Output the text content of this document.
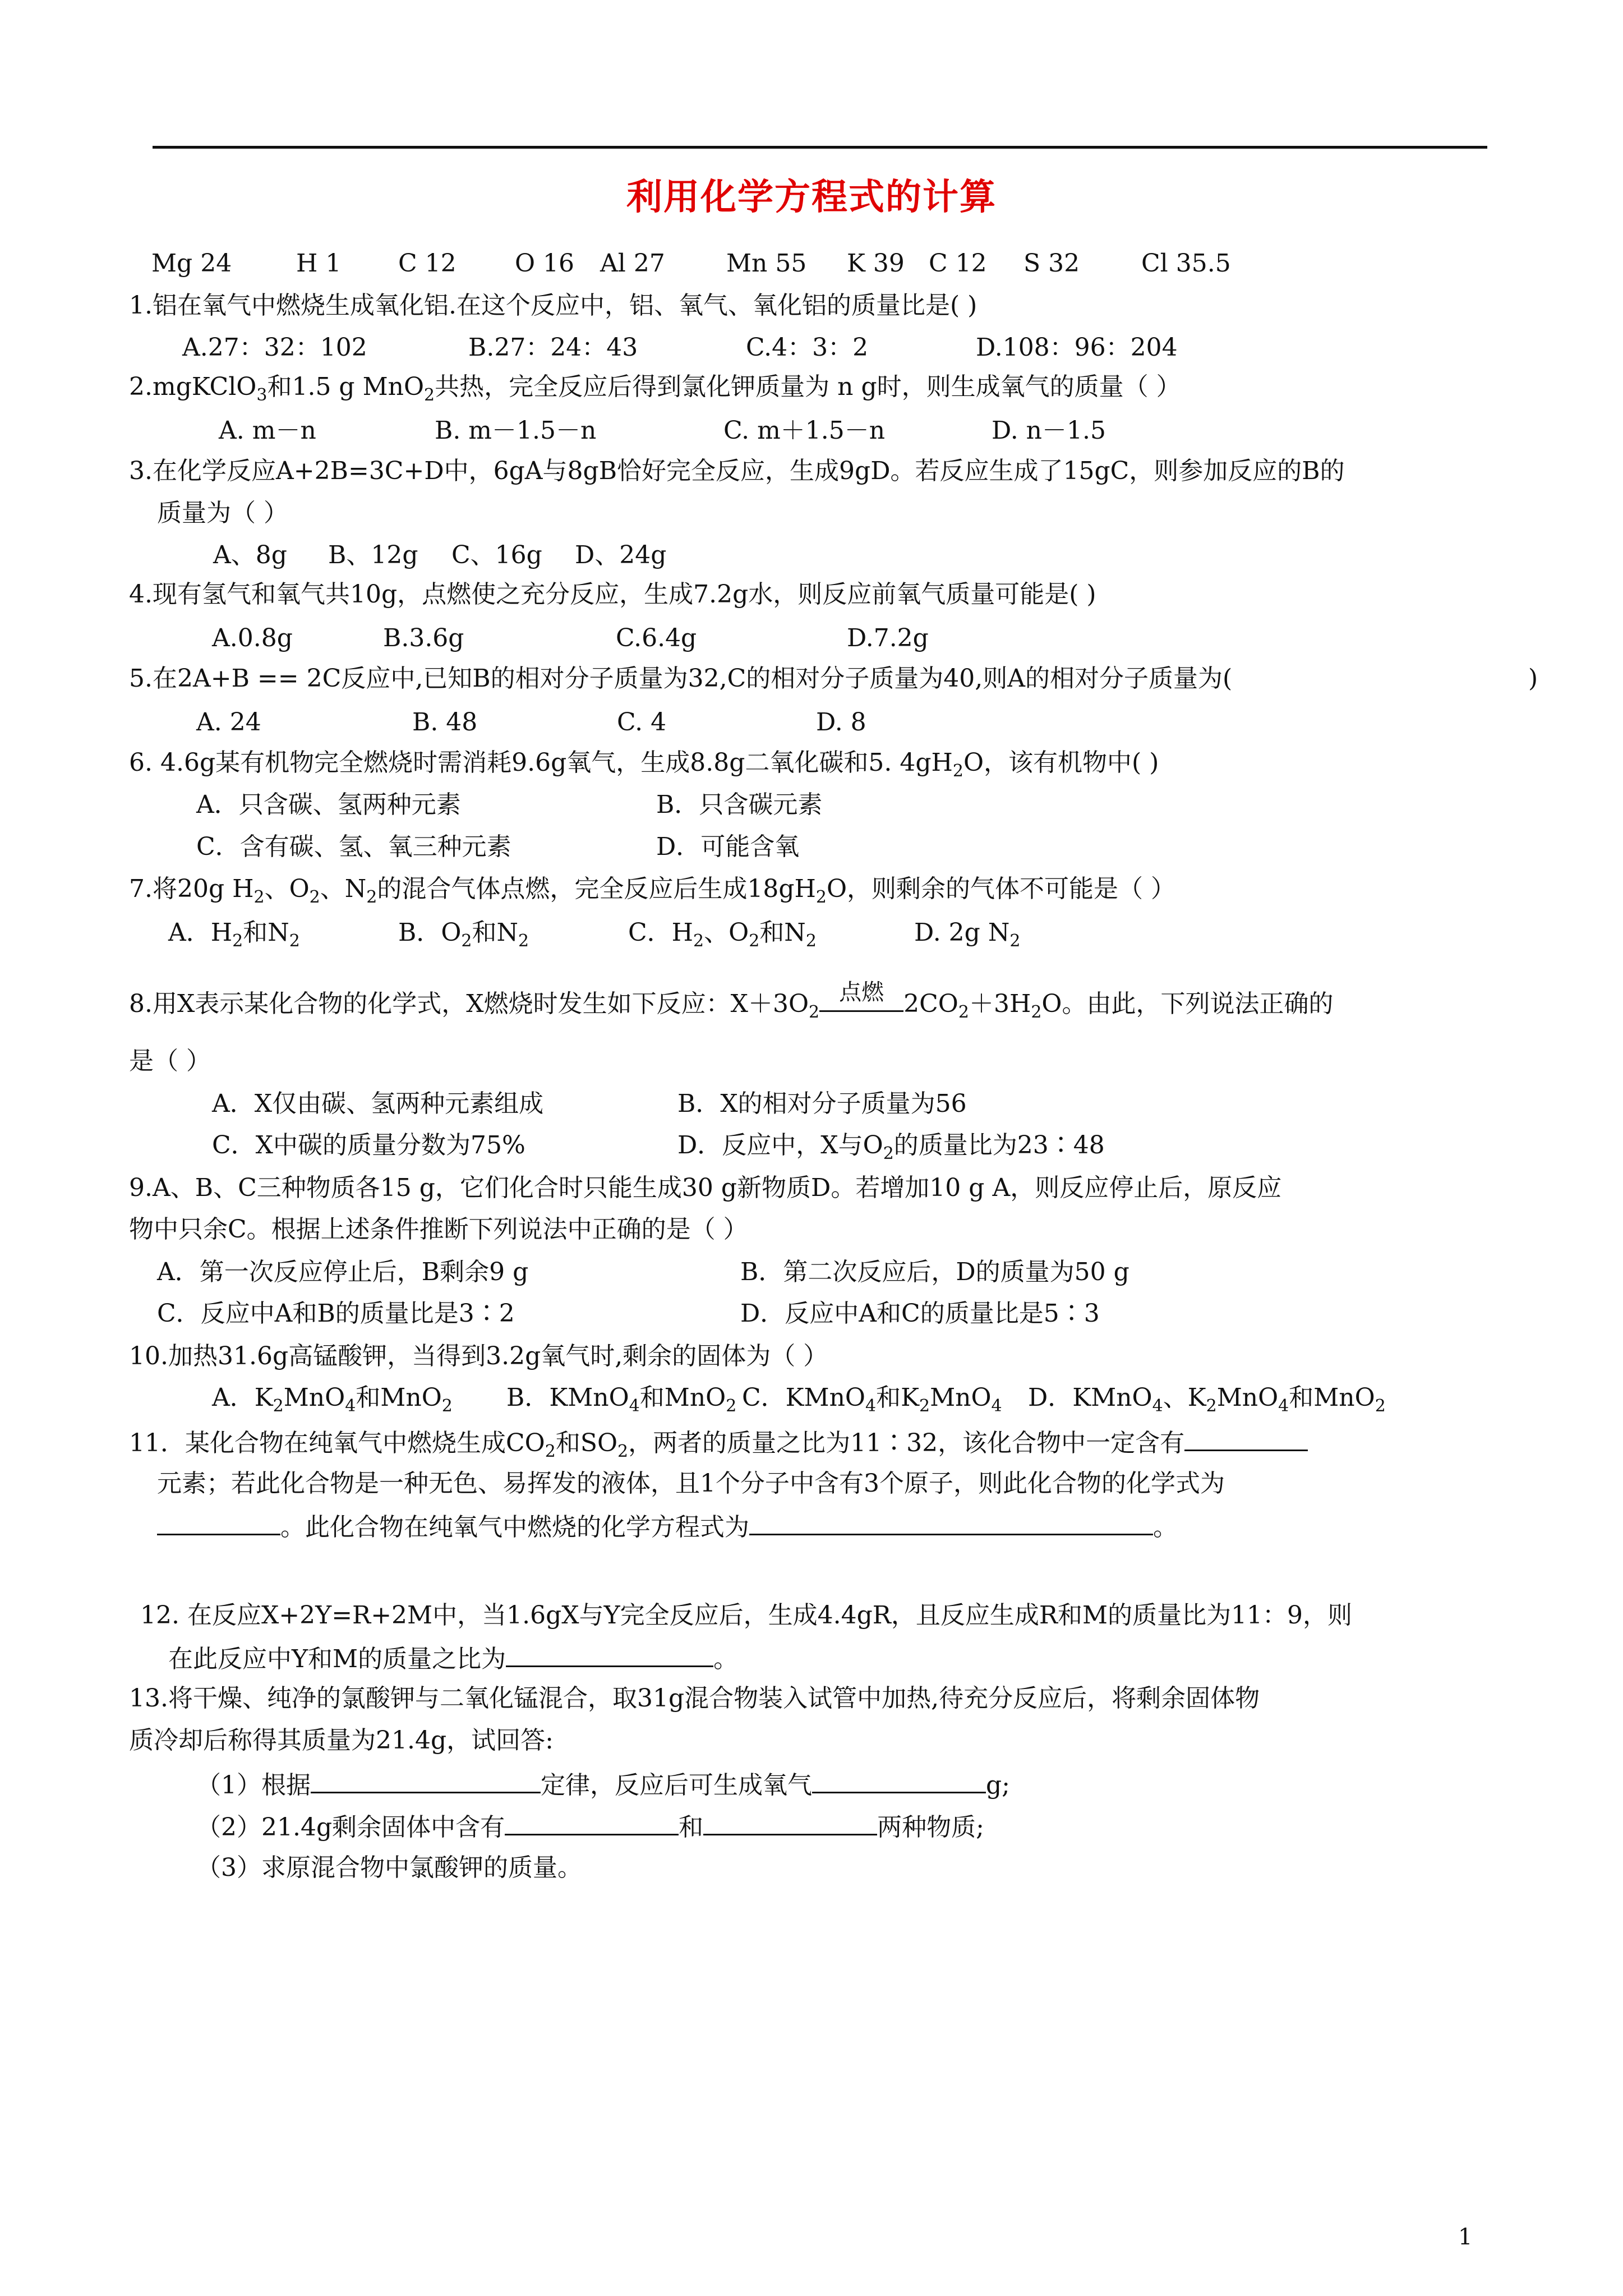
利用化学方程式的计算
Mg 24	H 1 C 12 O 16 Al 27 Mn 55 K 39 C 12 S 32 Cl 35.5
1.铝在氧气中燃烧生成氧化铝.在这个反应中，铝、氧气、氧化铝的质量比是( )
A.27：32：102	B.27：24：43	C.4：3：2	D.108：96：204
2.mgKClO$_3$和1.5 g MnO$_2$共热，完全反应后得到氯化钾质量为 n g时，则生成氧气的质量（ ）
A. m－n	B. m－1.5－n	C. m＋1.5－n	D. n－1.5
3.在化学反应A+2B=3C+D中，6gA与8gB恰好完全反应，生成9gD。若反应生成了15gC，则参加反应的B的
质量为（ ）
A、8g B、12g C、16g D、24g
4.现有氢气和氧气共10g，点燃使之充分反应，生成7.2g水，则反应前氧气质量可能是( )
A.0.8g	B.3.6g	C.6.4g	D.7.2g
5.在2A+B == 2C反应中,已知B的相对分子质量为32,C的相对分子质量为40,则A的相对分子质量为(	)
A. 24	B. 48	C. 4	D. 8
6. 4.6g某有机物完全燃烧时需消耗9.6g氧气，生成8.8g二氧化碳和5. $4gH_2O$，该有机物中( )
A．只含碳、氢两种元素	B．只含碳元素
C．含有碳、氢、氧三种元素	D．可能含氧
7.将20g $H_2$、$O_2$、$N_2$的混合气体点燃，完全反应后生成$18gH_2O$，则剩余的气体不可能是（ ）
A．$H_2$和$N_2$	B．$O_2$和$N_2$	C．$H_2$、$O_2$和$N_2$	D. 2g $N_2$
8.用X表示某化合物的化学式，X燃烧时发生如下反应：$X+3O_2$
点燃 $2CO_2+3H_2O$。由此，下列说法正确的
是（ ）
A．X仅由碳、氢两种元素组成	B．X的相对分子质量为56
C．X中碳的质量分数为75%	D．反应中，X与$O_2$的质量比为23∶48
9.A、B、C三种物质各15 g，它们化合时只能生成30 g新物质D。若增加10 g A，则反应停止后，原反应
物中只余C。根据上述条件推断下列说法中正确的是（ ）
A．第一次反应停止后，B剩余9 g	B．第二次反应后，D的质量为50 g
C．反应中A和B的质量比是3∶2	D．反应中A和C的质量比是5∶3
10.加热31.6g高锰酸钾，当得到3.2g氧气时,剩余的固体为（ ）
A．$K_2MnO_4$和MnO$_2$ B．KMnO$_4$和MnO$_2$ C．KMnO$_4$和$K_2MnO_4$ D．KMnO$_4$、$K_2MnO_4$和MnO$_2$
11．某化合物在纯氧气中燃烧生成$CO_2$和$SO_2$，两者的质量之比为11∶32，该化合物中一定含有
元素；若此化合物是一种无色、易挥发的液体，且1个分子中含有3个原子，则此化合物的化学式为
。此化合物在纯氧气中燃烧的化学方程式为	。
12. 在反应X+2Y=R+2M中，当1.6gX与Y完全反应后，生成4.4gR，且反应生成R和M的质量比为11：9，则
在此反应中Y和M的质量之比为	。
13.将干燥、纯净的氯酸钾与二氧化锰混合，取31g混合物装入试管中加热,待充分反应后，将剩余固体物
质冷却后称得其质量为21.4g，试回答:
（1）根据	定律，反应后可生成氧气	g;
（2）21.4g剩余固体中含有	和	两种物质;
（3）求原混合物中氯酸钾的质量。
1
